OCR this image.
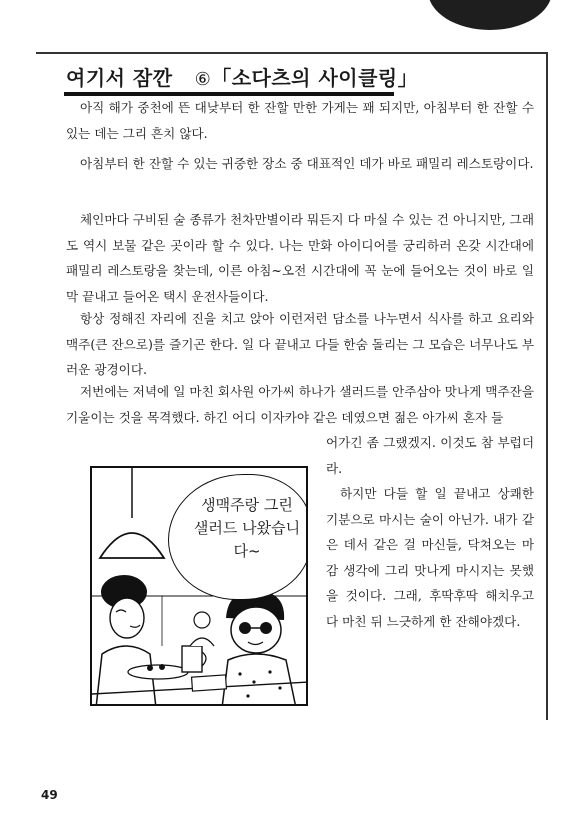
여기서 잠깐 ⑥「소다츠의 사이클링」

아직 해가 중천에 뜬 대낮부터 한 잔할 만한 가게는 꽤 되지만, 아침부터 한 잔할 수 있는 데는 그리 흔치 않다.

아침부터 한 잔할 수 있는 귀중한 장소 중 대표적인 데가 바로 패밀리 레스토랑이다.

체인마다 구비된 술 종류가 천차만별이라 뭐든지 다 마실 수 있는 건 아니지만, 그래도 역시 보물 같은 곳이라 할 수 있다. 나는 만화 아이디어를 궁리하러 온갖 시간대에 패밀리 레스토랑을 찾는데, 이른 아침~오전 시간대에 꼭 눈에 들어오는 것이 바로 일 막 끝내고 들어온 택시 운전사들이다.

항상 정해진 자리에 진을 치고 앉아 이런저런 담소를 나누면서 식사를 하고 요리와 맥주(큰 잔으로)를 즐기곤 한다. 일 다 끝내고 다들 한숨 돌리는 그 모습은 너무나도 부러운 광경이다.

저번에는 저녁에 일 마친 회사원 아가씨 하나가 샐러드를 안주삼아 맛나게 맥주잔을 기울이는 것을 목격했다. 하긴 어디 이자카야 같은 데였으면 젊은 아가씨 혼자 들

어가긴 좀 그랬겠지. 이것도 참 부럽더라.

하지만 다들 할 일 끝내고 상쾌한 기분으로 마시는 술이 아닌가. 내가 같은 데서 같은 걸 마신들, 닥쳐오는 마감 생각에 그리 맛나게 마시지는 못했을 것이다. 그래, 후딱후딱 해치우고 다 마친 뒤 느긋하게 한 잔해야겠다.

생맥주랑 그린 샐러드 나왔습니다~
49
